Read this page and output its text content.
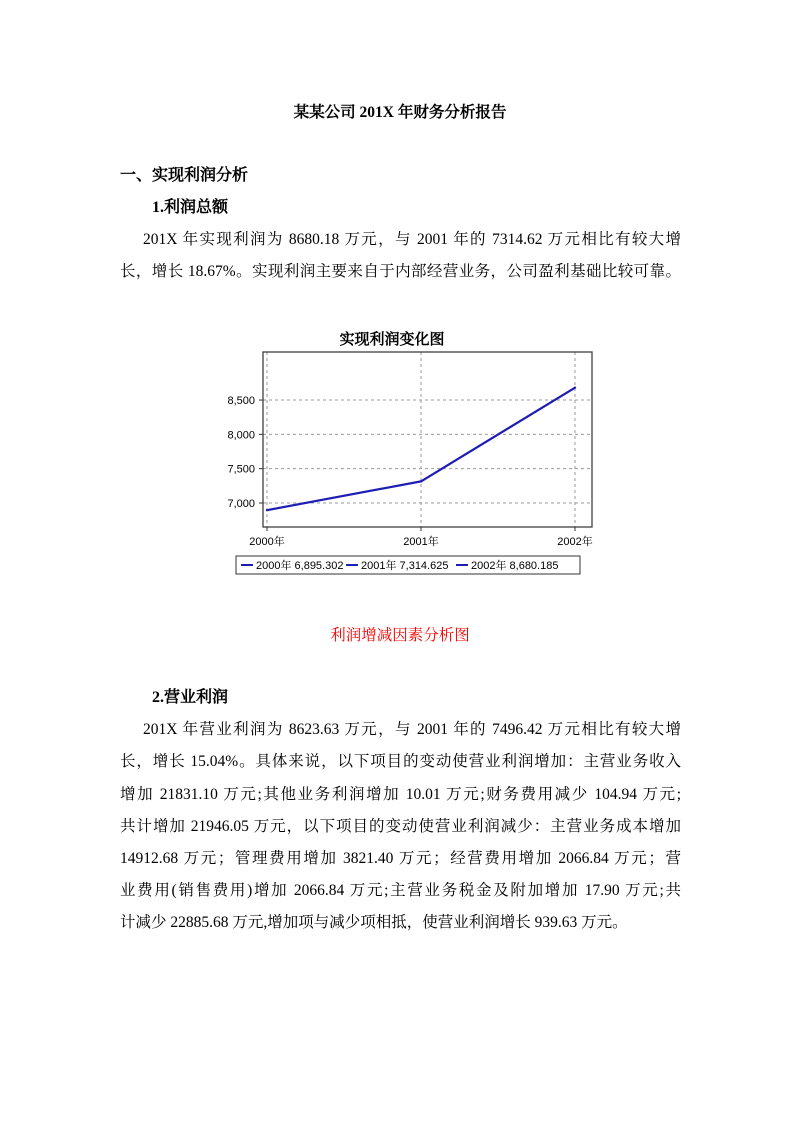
某某公司 201X 年财务分析报告
一、实现利润分析
1.利润总额
201X 年实现利润为 8680.18 万元，与 2001 年的 7314.62 万元相比有较大增
长，增长 18.67%。实现利润主要来自于内部经营业务，公司盈利基础比较可靠。
实现利润变化图
7,000
7,500
8,000
8,500
2000年	2001年	2002年
2000年 6,895.302 2001年 7,314.625 2002年 8,680.185
利润增减因素分析图
2.营业利润
201X 年营业利润为 8623.63 万元，与 2001 年的 7496.42 万元相比有较大增
长，增长 15.04%。具体来说，以下项目的变动使营业利润增加：主营业务收入
增加 21831.10 万元;其他业务利润增加 10.01 万元;财务费用减少 104.94 万元;
共计增加 21946.05 万元，以下项目的变动使营业利润减少：主营业务成本增加
14912.68 万元；管理费用增加 3821.40 万元；经营费用增加 2066.84 万元；营
业费用(销售费用)增加 2066.84 万元;主营业务税金及附加增加 17.90 万元;共
计减少 22885.68 万元,增加项与减少项相抵，使营业利润增长 939.63 万元。
